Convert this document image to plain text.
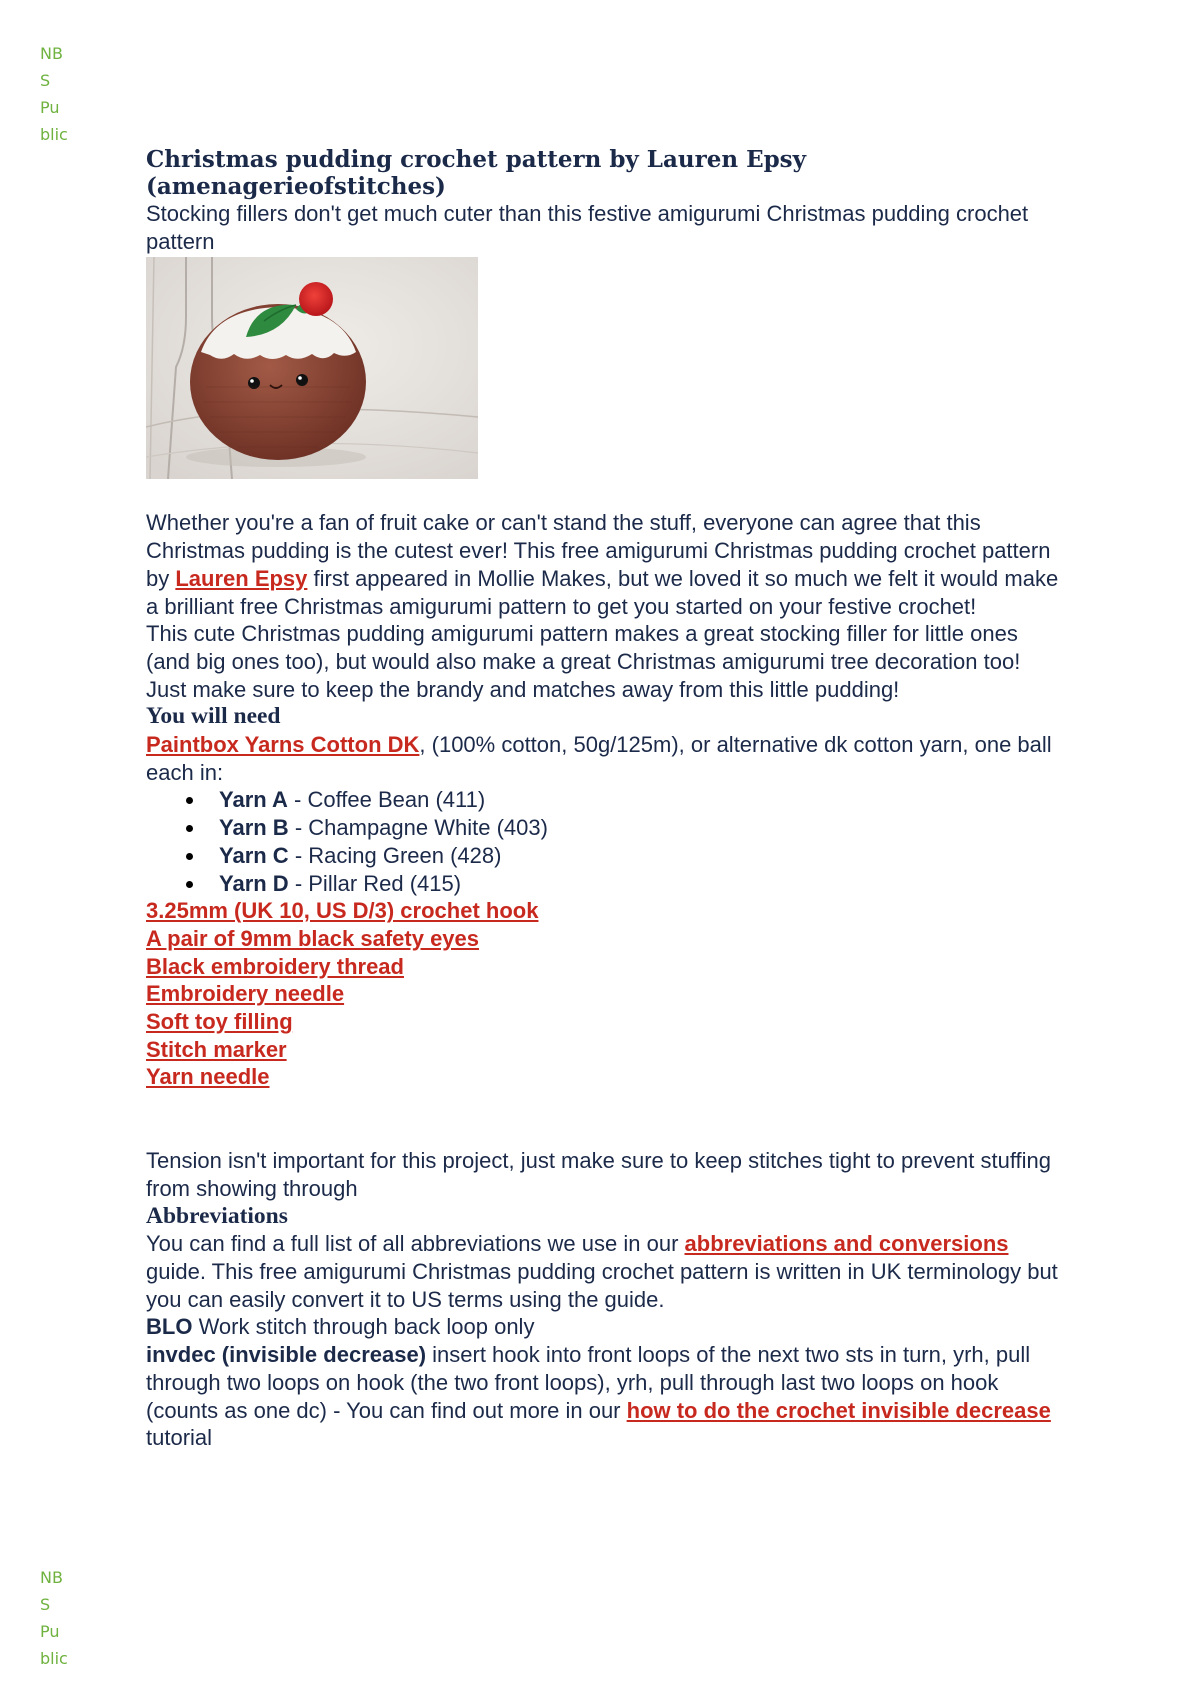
NB
S
Pu
blic
Christmas pudding crochet pattern by Lauren Epsy (amenagerieofstitches)

Stocking fillers don't get much cuter than this festive amigurumi Christmas pudding crochet pattern

Whether you're a fan of fruit cake or can't stand the stuff, everyone can agree that this Christmas pudding is the cutest ever! This free amigurumi Christmas pudding crochet pattern by Lauren Epsy first appeared in Mollie Makes, but we loved it so much we felt it would make a brilliant free Christmas amigurumi pattern to get you started on your festive crochet!

This cute Christmas pudding amigurumi pattern makes a great stocking filler for little ones (and big ones too), but would also make a great Christmas amigurumi tree decoration too! Just make sure to keep the brandy and matches away from this little pudding!

You will need

Paintbox Yarns Cotton DK, (100% cotton, 50g/125m), or alternative dk cotton yarn, one ball each in:

Yarn A - Coffee Bean (411)
Yarn B - Champagne White (403)
Yarn C - Racing Green (428)
Yarn D - Pillar Red (415)
3.25mm (UK 10, US D/3) crochet hook
A pair of 9mm black safety eyes
Black embroidery thread
Embroidery needle
Soft toy filling
Stitch marker
Yarn needle

Tension isn't important for this project, just make sure to keep stitches tight to prevent stuffing from showing through

Abbreviations

You can find a full list of all abbreviations we use in our abbreviations and conversions guide. This free amigurumi Christmas pudding crochet pattern is written in UK terminology but you can easily convert it to US terms using the guide.

BLO Work stitch through back loop only

invdec (invisible decrease) insert hook into front loops of the next two sts in turn, yrh, pull through two loops on hook (the two front loops), yrh, pull through last two loops on hook (counts as one dc) - You can find out more in our how to do the crochet invisible decrease tutorial

NB
S
Pu
blic
